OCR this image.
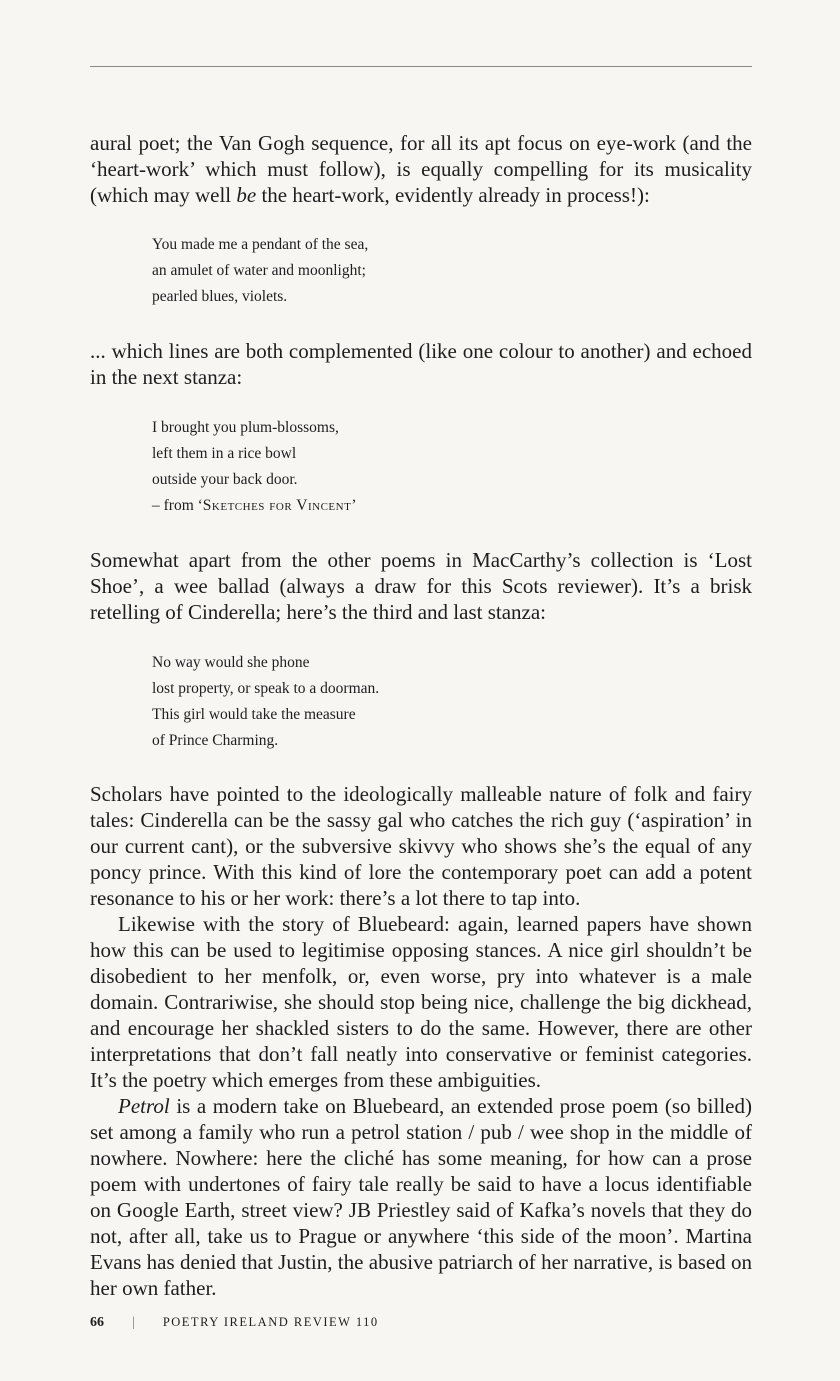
aural poet; the Van Gogh sequence, for all its apt focus on eye-work (and the ‘heart-work’ which must follow), is equally compelling for its musicality (which may well be the heart-work, evidently already in process!):

You made me a pendant of the sea,
an amulet of water and moonlight;
pearled blues, violets.

... which lines are both complemented (like one colour to another) and echoed in the next stanza:

I brought you plum-blossoms,
left them in a rice bowl
outside your back door.
– from ‘Sketches for Vincent’

Somewhat apart from the other poems in MacCarthy’s collection is ‘Lost Shoe’, a wee ballad (always a draw for this Scots reviewer). It’s a brisk retelling of Cinderella; here’s the third and last stanza:

No way would she phone
lost property, or speak to a doorman.
This girl would take the measure
of Prince Charming.

Scholars have pointed to the ideologically malleable nature of folk and fairy tales: Cinderella can be the sassy gal who catches the rich guy (‘aspiration’ in our current cant), or the subversive skivvy who shows she’s the equal of any poncy prince. With this kind of lore the contemporary poet can add a potent resonance to his or her work: there’s a lot there to tap into.

Likewise with the story of Bluebeard: again, learned papers have shown how this can be used to legitimise opposing stances. A nice girl shouldn’t be disobedient to her menfolk, or, even worse, pry into whatever is a male domain. Contrariwise, she should stop being nice, challenge the big dickhead, and encourage her shackled sisters to do the same. However, there are other interpretations that don’t fall neatly into conservative or feminist categories. It’s the poetry which emerges from these ambiguities.

Petrol is a modern take on Bluebeard, an extended prose poem (so billed) set among a family who run a petrol station / pub / wee shop in the middle of nowhere. Nowhere: here the cliché has some meaning, for how can a prose poem with undertones of fairy tale really be said to have a locus identifiable on Google Earth, street view? JB Priestley said of Kafka’s novels that they do not, after all, take us to Prague or anywhere ‘this side of the moon’. Martina Evans has denied that Justin, the abusive patriarch of her narrative, is based on her own father.

66 | POETRY IRELAND REVIEW 110
